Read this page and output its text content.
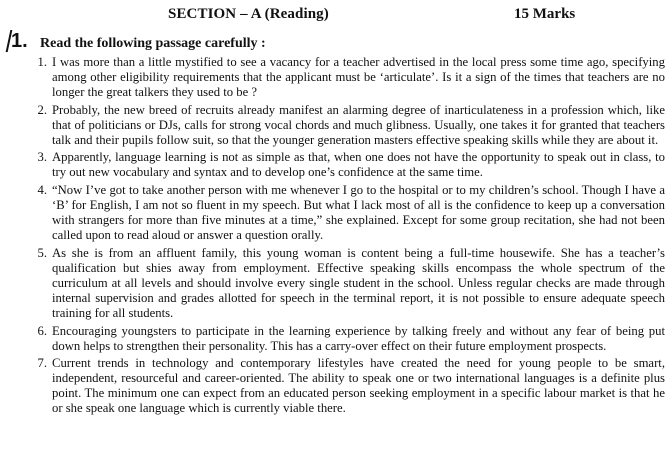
SECTION – A (Reading)	15 Marks
1. Read the following passage carefully :
1. I was more than a little mystified to see a vacancy for a teacher advertised in the local press some time ago, specifying among other eligibility requirements that the applicant must be ‘articulate’. Is it a sign of the times that teachers are no longer the great talkers they used to be ?
2. Probably, the new breed of recruits already manifest an alarming degree of inarticulateness in a profession which, like that of politicians or DJs, calls for strong vocal chords and much glibness. Usually, one takes it for granted that teachers talk and their pupils follow suit, so that the younger generation masters effective speaking skills while they are about it.
3. Apparently, language learning is not as simple as that, when one does not have the opportunity to speak out in class, to try out new vocabulary and syntax and to develop one’s confidence at the same time.
4. “Now I’ve got to take another person with me whenever I go to the hospital or to my children’s school. Though I have a ‘B’ for English, I am not so fluent in my speech. But what I lack most of all is the confidence to keep up a conversation with strangers for more than five minutes at a time,” she explained. Except for some group recitation, she had not been called upon to read aloud or answer a question orally.
5. As she is from an affluent family, this young woman is content being a full-time housewife. She has a teacher’s qualification but shies away from employment. Effective speaking skills encompass the whole spectrum of the curriculum at all levels and should involve every single student in the school. Unless regular checks are made through internal supervision and grades allotted for speech in the terminal report, it is not possible to ensure adequate speech training for all students.
6. Encouraging youngsters to participate in the learning experience by talking freely and without any fear of being put down helps to strengthen their personality. This has a carry-over effect on their future employment prospects.
7. Current trends in technology and contemporary lifestyles have created the need for young people to be smart, independent, resourceful and career-oriented. The ability to speak one or two international languages is a definite plus point. The minimum one can expect from an educated person seeking employment in a specific labour market is that he or she speak one language which is currently viable there.
